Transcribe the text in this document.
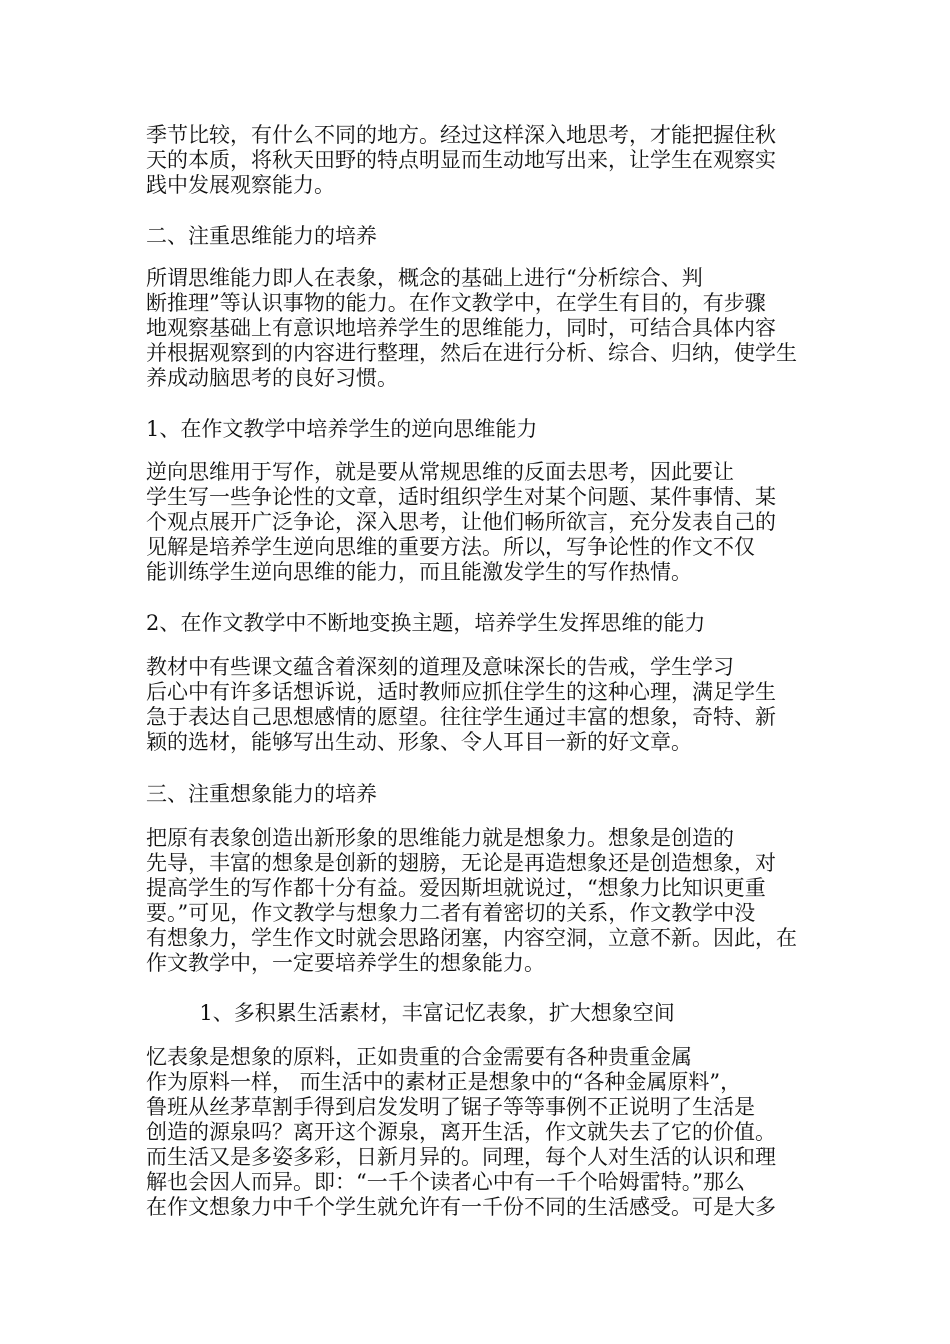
季节比较，有什么不同的地方。经过这样深入地思考，才能把握住秋
天的本质，将秋天田野的特点明显而生动地写出来，让学生在观察实
践中发展观察能力。

二、注重思维能力的培养

所谓思维能力即人在表象，概念的基础上进行“分析综合、判
断推理”等认识事物的能力。在作文教学中，在学生有目的，有步骤
地观察基础上有意识地培养学生的思维能力，同时，可结合具体内容
并根据观察到的内容进行整理，然后在进行分析、综合、归纳，使学生
养成动脑思考的良好习惯。

1、在作文教学中培养学生的逆向思维能力

逆向思维用于写作，就是要从常规思维的反面去思考，因此要让
学生写一些争论性的文章，适时组织学生对某个问题、某件事情、某
个观点展开广泛争论，深入思考，让他们畅所欲言，充分发表自己的
见解是培养学生逆向思维的重要方法。所以，写争论性的作文不仅
能训练学生逆向思维的能力，而且能激发学生的写作热情。

2、在作文教学中不断地变换主题，培养学生发挥思维的能力

教材中有些课文蕴含着深刻的道理及意味深长的告戒，学生学习
后心中有许多话想诉说，适时教师应抓住学生的这种心理，满足学生
急于表达自己思想感情的愿望。往往学生通过丰富的想象，奇特、新
颖的选材，能够写出生动、形象、令人耳目一新的好文章。

三、注重想象能力的培养

把原有表象创造出新形象的思维能力就是想象力。想象是创造的
先导，丰富的想象是创新的翅膀，无论是再造想象还是创造想象，对
提高学生的写作都十分有益。爱因斯坦就说过，“想象力比知识更重
要。”可见，作文教学与想象力二者有着密切的关系，作文教学中没
有想象力，学生作文时就会思路闭塞，内容空洞，立意不新。因此，在
作文教学中，一定要培养学生的想象能力。

1、多积累生活素材，丰富记忆表象，扩大想象空间

忆表象是想象的原料，正如贵重的合金需要有各种贵重金属
作为原料一样， 而生活中的素材正是想象中的“各种金属原料”，
鲁班从丝茅草割手得到启发发明了锯子等等事例不正说明了生活是
创造的源泉吗？离开这个源泉，离开生活，作文就失去了它的价值。
而生活又是多姿多彩，日新月异的。同理，每个人对生活的认识和理
解也会因人而异。即：“一千个读者心中有一千个哈姆雷特。”那么
在作文想象力中千个学生就允许有一千份不同的生活感受。可是大多
